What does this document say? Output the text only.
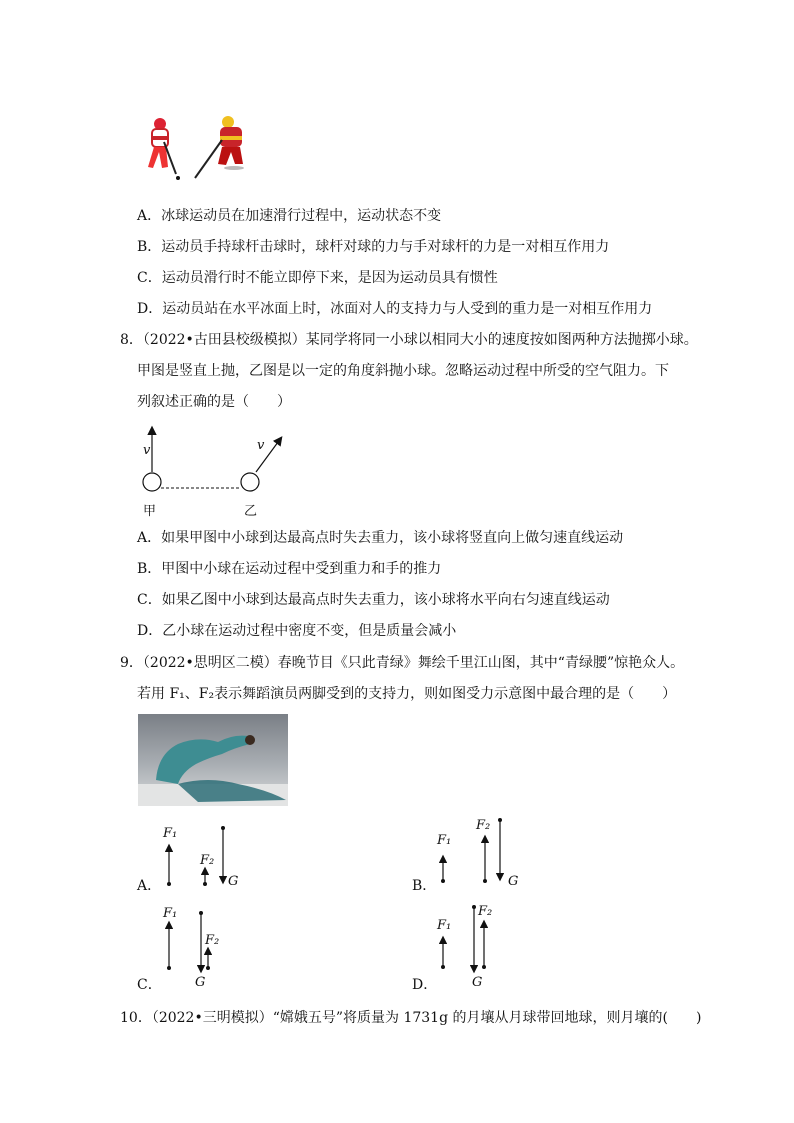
A．冰球运动员在加速滑行过程中，运动状态不变
B．运动员手持球杆击球时，球杆对球的力与手对球杆的力是一对相互作用力
C．运动员滑行时不能立即停下来，是因为运动员具有惯性
D．运动员站在水平冰面上时，冰面对人的支持力与人受到的重力是一对相互作用力
8．（2022•古田县校级模拟）某同学将同一小球以相同大小的速度按如图两种方法抛掷小球。
甲图是竖直上抛，乙图是以一定的角度斜抛小球。忽略运动过程中所受的空气阻力。下
列叙述正确的是（　　）
v	v
甲	乙
A．如果甲图中小球到达最高点时失去重力，该小球将竖直向上做匀速直线运动
B．甲图中小球在运动过程中受到重力和手的推力
C．如果乙图中小球到达最高点时失去重力，该小球将水平向右匀速直线运动
D．乙小球在运动过程中密度不变，但是质量会减小
9．（2022•思明区二模）春晚节目《只此青绿》舞绘千里江山图，其中“青绿腰”惊艳众人。
若用 F₁、F₂表示舞蹈演员两脚受到的支持力，则如图受力示意图中最合理的是（　　）
A．
F₁
F₂
G	B．
F₁
F₂
G
C．
F₁
F₂
G	D．
F₁
F₂
G
10．（2022•三明模拟）“嫦娥五号”将质量为 1731g 的月壤从月球带回地球，则月壤的(　　)
